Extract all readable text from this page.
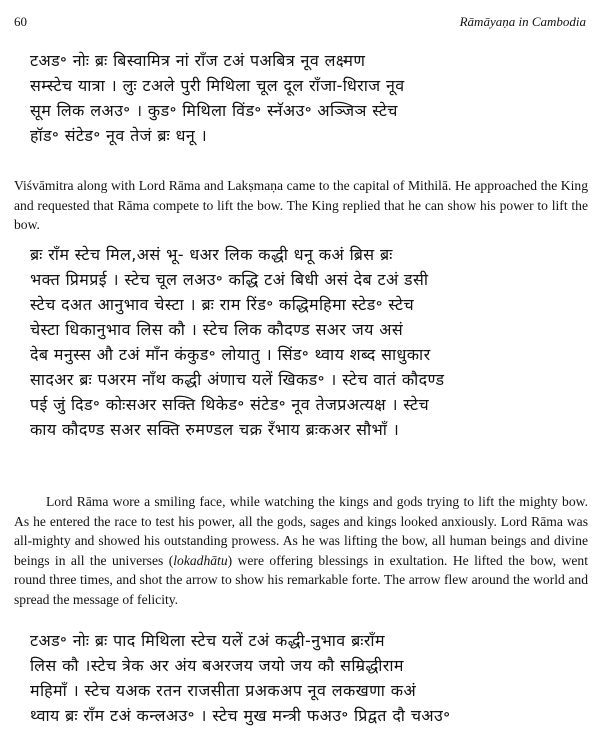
60	Rāmāyaṇa in Cambodia
टअड॰ नोः ब्रः बिस्वामित्र नां राँज टअं पअबित्र नूव लक्ष्मण
सम्स्टेच यात्रा । लुः टअले पुरी मिथिला चूल दूल राँजा-धिराज नूव
सूम लिक लअउ॰ । कुड॰ मिथिला विंड॰ स्नॅअउ॰ अञ्जिञ स्टेच
हॉड॰ संटेड॰ नूव तेजं ब्रः धनू ।

Viśvāmitra along with Lord Rāma and Lakṣmaṇa came to the capital of Mithilā. He approached the King and requested that Rāma compete to lift the bow. The King replied that he can show his power to lift the bow.

ब्रः राँम स्टेच मिल,असं भू- धअर लिक कद्धी धनू कअं ब्रिस ब्रः
भक्त प्रिमप्रई । स्टेच चूल लअउ॰ कद्धि टअं बिधी असं देब टअं डसी
स्टेच दअत आनुभाव चेस्टा । ब्रः राम रिंड॰ कद्धिमहिमा स्टेड॰ स्टेच
चेस्टा धिकानुभाव लिस कौ । स्टेच लिक कौदण्ड सअर जय असं
देब मनुस्स औ टअं माँन कंकुड॰ लोयातु । सिंड॰ थ्वाय शब्द साधुकार
सादअर ब्रः पअरम नाँथ कद्धी अंणाच यलें खिकड॰ । स्टेच वातं कौदण्ड
पई जुं दिड॰ कोःसअर सक्ति थिकेड॰ संटेड॰ नूव तेजप्रअत्यक्ष । स्टेच
काय कौदण्ड सअर सक्ति रुमण्डल चक्र रँभाय ब्रःकअर सौभाँ ।

Lord Rāma wore a smiling face, while watching the kings and gods trying to lift the mighty bow. As he entered the race to test his power, all the gods, sages and kings looked anxiously. Lord Rāma was all-mighty and showed his outstanding prowess. As he was lifting the bow, all human beings and divine beings in all the universes (lokadhātu) were offering blessings in exultation. He lifted the bow, went round three times, and shot the arrow to show his remarkable forte. The arrow flew around the world and spread the message of felicity.

टअड॰ नोः ब्रः पाद मिथिला स्टेच यलें टअं कद्धी-नुभाव ब्रःराँम
लिस कौ ।स्टेच त्रेक अर अंय बअरजय जयो जय कौ सम्रिद्धीराम
महिमाँ । स्टेच यअक रतन राजसीता प्रअकअप नूव लकखणा कअं
थ्वाय ब्रः राँम टअं कन्लअउ॰ । स्टेच मुख मन्त्री फअउ॰ प्रिद्वत दौ चअउ॰
